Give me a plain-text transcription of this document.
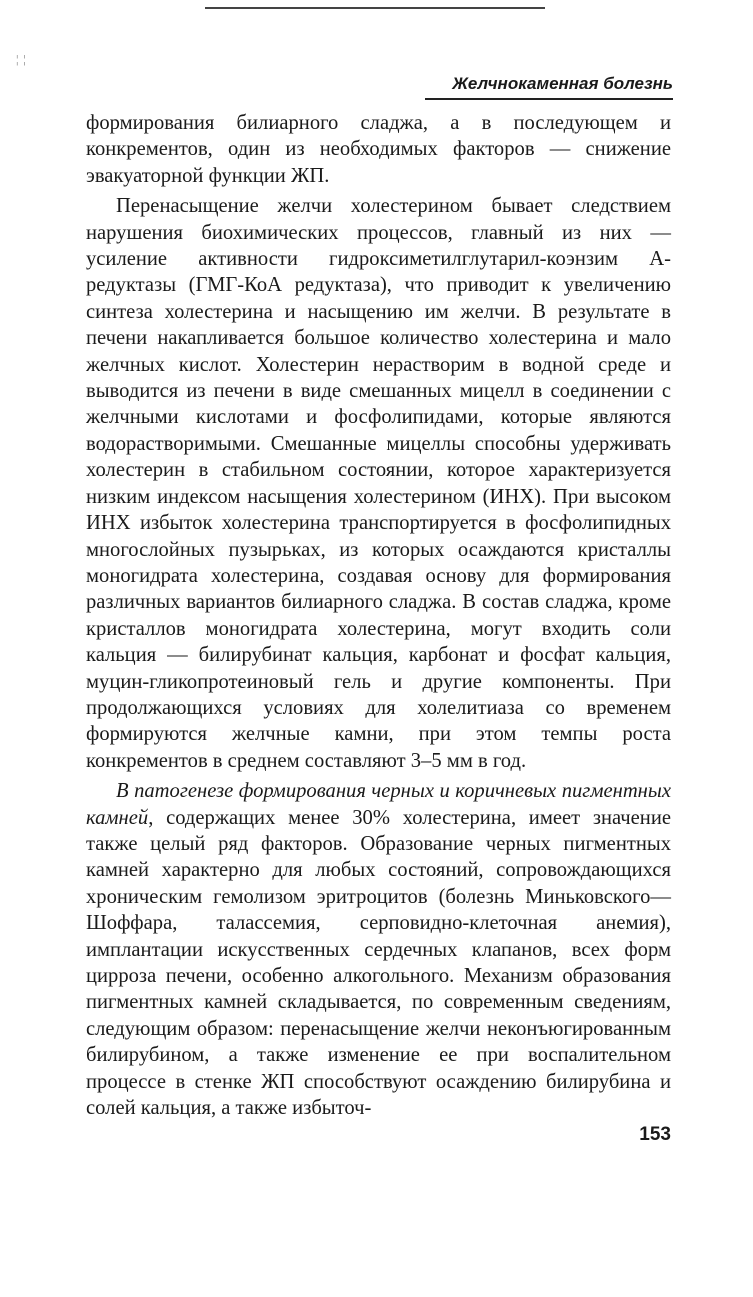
¦ ¦
Желчнокаменная болезнь

формирования билиарного сладжа, а в последующем и конкрементов, один из необходимых факторов — снижение эвакуаторной функции ЖП.

Перенасыщение желчи холестерином бывает следствием нарушения биохимических процессов, главный из них — усиление активности гидроксиметилглутарил-коэнзим А-редуктазы (ГМГ-КоА редуктаза), что приводит к увеличению синтеза холестерина и насыщению им желчи. В результате в печени накапливается большое количество холестерина и мало желчных кислот. Холестерин нерастворим в водной среде и выводится из печени в виде смешанных мицелл в соединении с желчными кислотами и фосфолипидами, которые являются водорастворимыми. Смешанные мицеллы способны удерживать холестерин в стабильном состоянии, которое характеризуется низким индексом насыщения холестерином (ИНХ). При высоком ИНХ избыток холестерина транспортируется в фосфолипидных многослойных пузырьках, из которых осаждаются кристаллы моногидрата холестерина, создавая основу для формирования различных вариантов билиарного сладжа. В состав сладжа, кроме кристаллов моногидрата холестерина, могут входить соли кальция — билирубинат кальция, карбонат и фосфат кальция, муцин-гликопротеиновый гель и другие компоненты. При продолжающихся условиях для холелитиаза со временем формируются желчные камни, при этом темпы роста конкрементов в среднем составляют 3–5 мм в год.

В патогенезе формирования черных и коричневых пигментных камней, содержащих менее 30% холестерина, имеет значение также целый ряд факторов. Образование черных пигментных камней характерно для любых состояний, сопровождающихся хроническим гемолизом эритроцитов (болезнь Миньковского—Шоффара, талассемия, серповидно-клеточная анемия), имплантации искусственных сердечных клапанов, всех форм цирроза печени, особенно алкогольного. Механизм образования пигментных камней складывается, по современным сведениям, следующим образом: перенасыщение желчи неконъюгированным билирубином, а также изменение ее при воспалительном процессе в стенке ЖП способствуют осаждению билирубина и солей кальция, а также избыточ-

153
